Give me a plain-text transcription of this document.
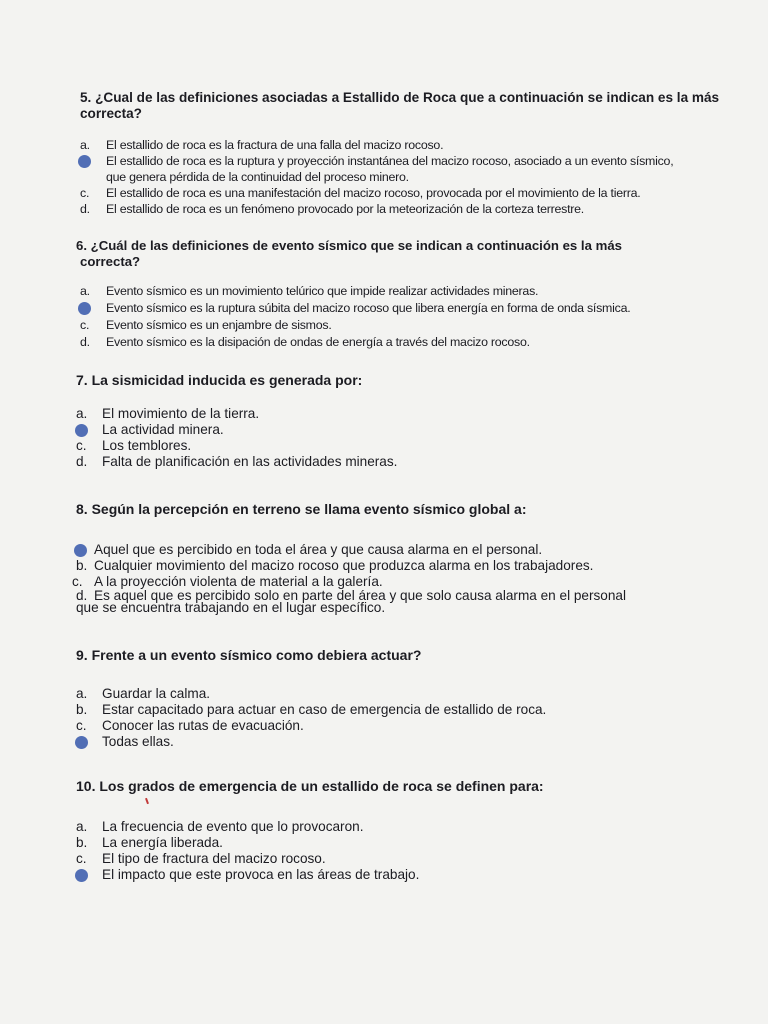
5. ¿Cual de las definiciones asociadas a Estallido de Roca que a continuación se indican es la más
correcta?

a. El estallido de roca es la fractura de una falla del macizo rocoso.
El estallido de roca es la ruptura y proyección instantánea del macizo rocoso, asociado a un evento sísmico,
que genera pérdida de la continuidad del proceso minero.
c. El estallido de roca es una manifestación del macizo rocoso, provocada por el movimiento de la tierra.
d. El estallido de roca es un fenómeno provocado por la meteorización de la corteza terrestre.

6. ¿Cuál de las definiciones de evento sísmico que se indican a continuación es la más
correcta?

a. Evento sísmico es un movimiento telúrico que impide realizar actividades mineras.
Evento sísmico es la ruptura súbita del macizo rocoso que libera energía en forma de onda sísmica.
c. Evento sísmico es un enjambre de sismos.
d. Evento sísmico es la disipación de ondas de energía a través del macizo rocoso.

7. La sismicidad inducida es generada por:

a. El movimiento de la tierra.
La actividad minera.
c. Los temblores.
d. Falta de planificación en las actividades mineras.

8. Según la percepción en terreno se llama evento sísmico global a:

Aquel que es percibido en toda el área y que causa alarma en el personal.
b. Cualquier movimiento del macizo rocoso que produzca alarma en los trabajadores.
c. A la proyección violenta de material a la galería.
d. Es aquel que es percibido solo en parte del área y que solo causa alarma en el personal
que se encuentra trabajando en el lugar específico.

9. Frente a un evento sísmico como debiera actuar?

a. Guardar la calma.
b. Estar capacitado para actuar en caso de emergencia de estallido de roca.
c. Conocer las rutas de evacuación.
Todas ellas.

10. Los grados de emergencia de un estallido de roca se definen para:

a. La frecuencia de evento que lo provocaron.
b. La energía liberada.
c. El tipo de fractura del macizo rocoso.
El impacto que este provoca en las áreas de trabajo.
